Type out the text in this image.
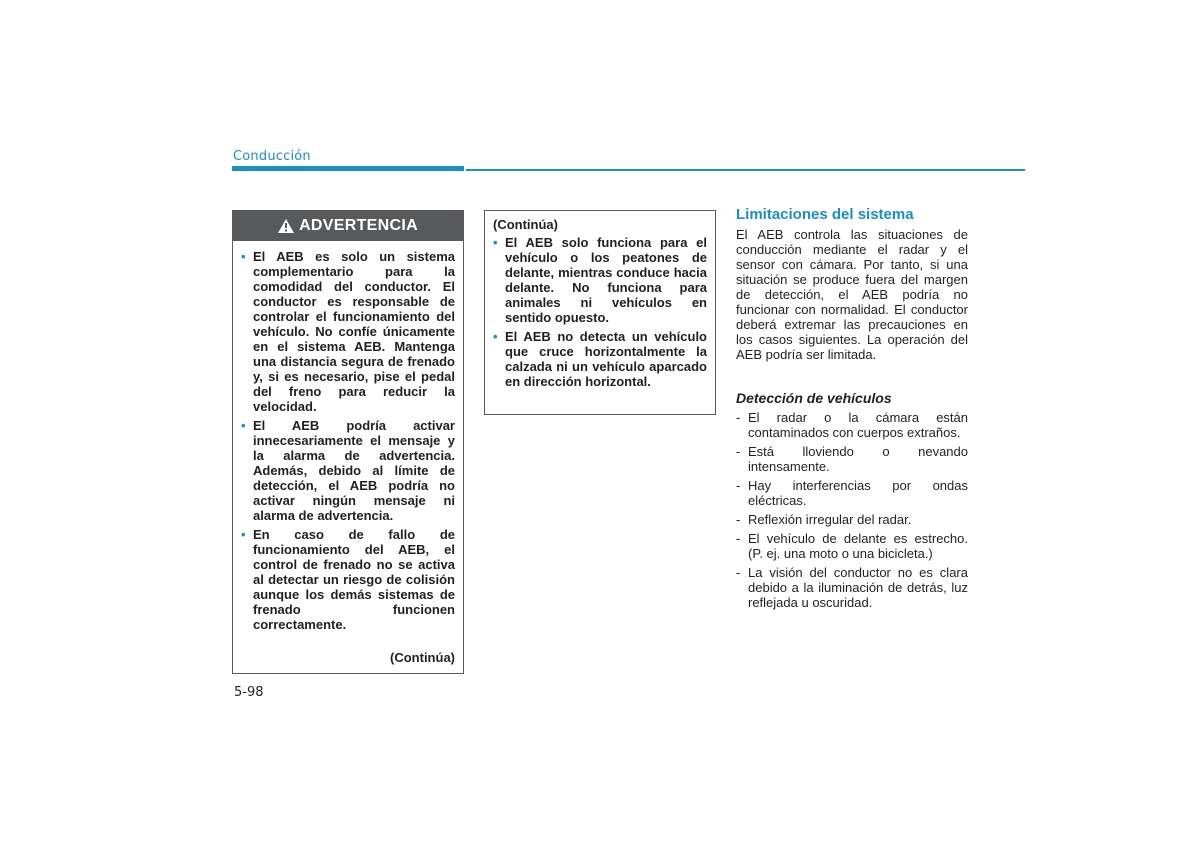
Conducción
ADVERTENCIA
• El AEB es solo un sistema complementario para la comodidad del conductor. El conductor es responsable de controlar el funcionamiento del vehículo. No confíe únicamente en el sistema AEB. Mantenga una distancia segura de frenado y, si es necesario, pise el pedal del freno para reducir la velocidad.
• El AEB podría activar innecesariamente el mensaje y la alarma de advertencia. Además, debido al límite de detección, el AEB podría no activar ningún mensaje ni alarma de advertencia.
• En caso de fallo de funcionamiento del AEB, el control de frenado no se activa al detectar un riesgo de colisión aunque los demás sistemas de frenado funcionen correctamente.
(Continúa)
(Continúa)
• El AEB solo funciona para el vehículo o los peatones de delante, mientras conduce hacia delante. No funciona para animales ni vehículos en sentido opuesto.
• El AEB no detecta un vehículo que cruce horizontalmente la calzada ni un vehículo aparcado en dirección horizontal.
Limitaciones del sistema

El AEB controla las situaciones de conducción mediante el radar y el sensor con cámara. Por tanto, si una situación se produce fuera del margen de detección, el AEB podría no funcionar con normalidad. El conductor deberá extremar las precauciones en los casos siguientes. La operación del AEB podría ser limitada.

Detección de vehículos
- El radar o la cámara están contaminados con cuerpos extraños.
- Está lloviendo o nevando intensamente.
- Hay interferencias por ondas eléctricas.
- Reflexión irregular del radar.
- El vehículo de delante es estrecho. (P. ej. una moto o una bicicleta.)
- La visión del conductor no es clara debido a la iluminación de detrás, luz reflejada u oscuridad.
5-98
